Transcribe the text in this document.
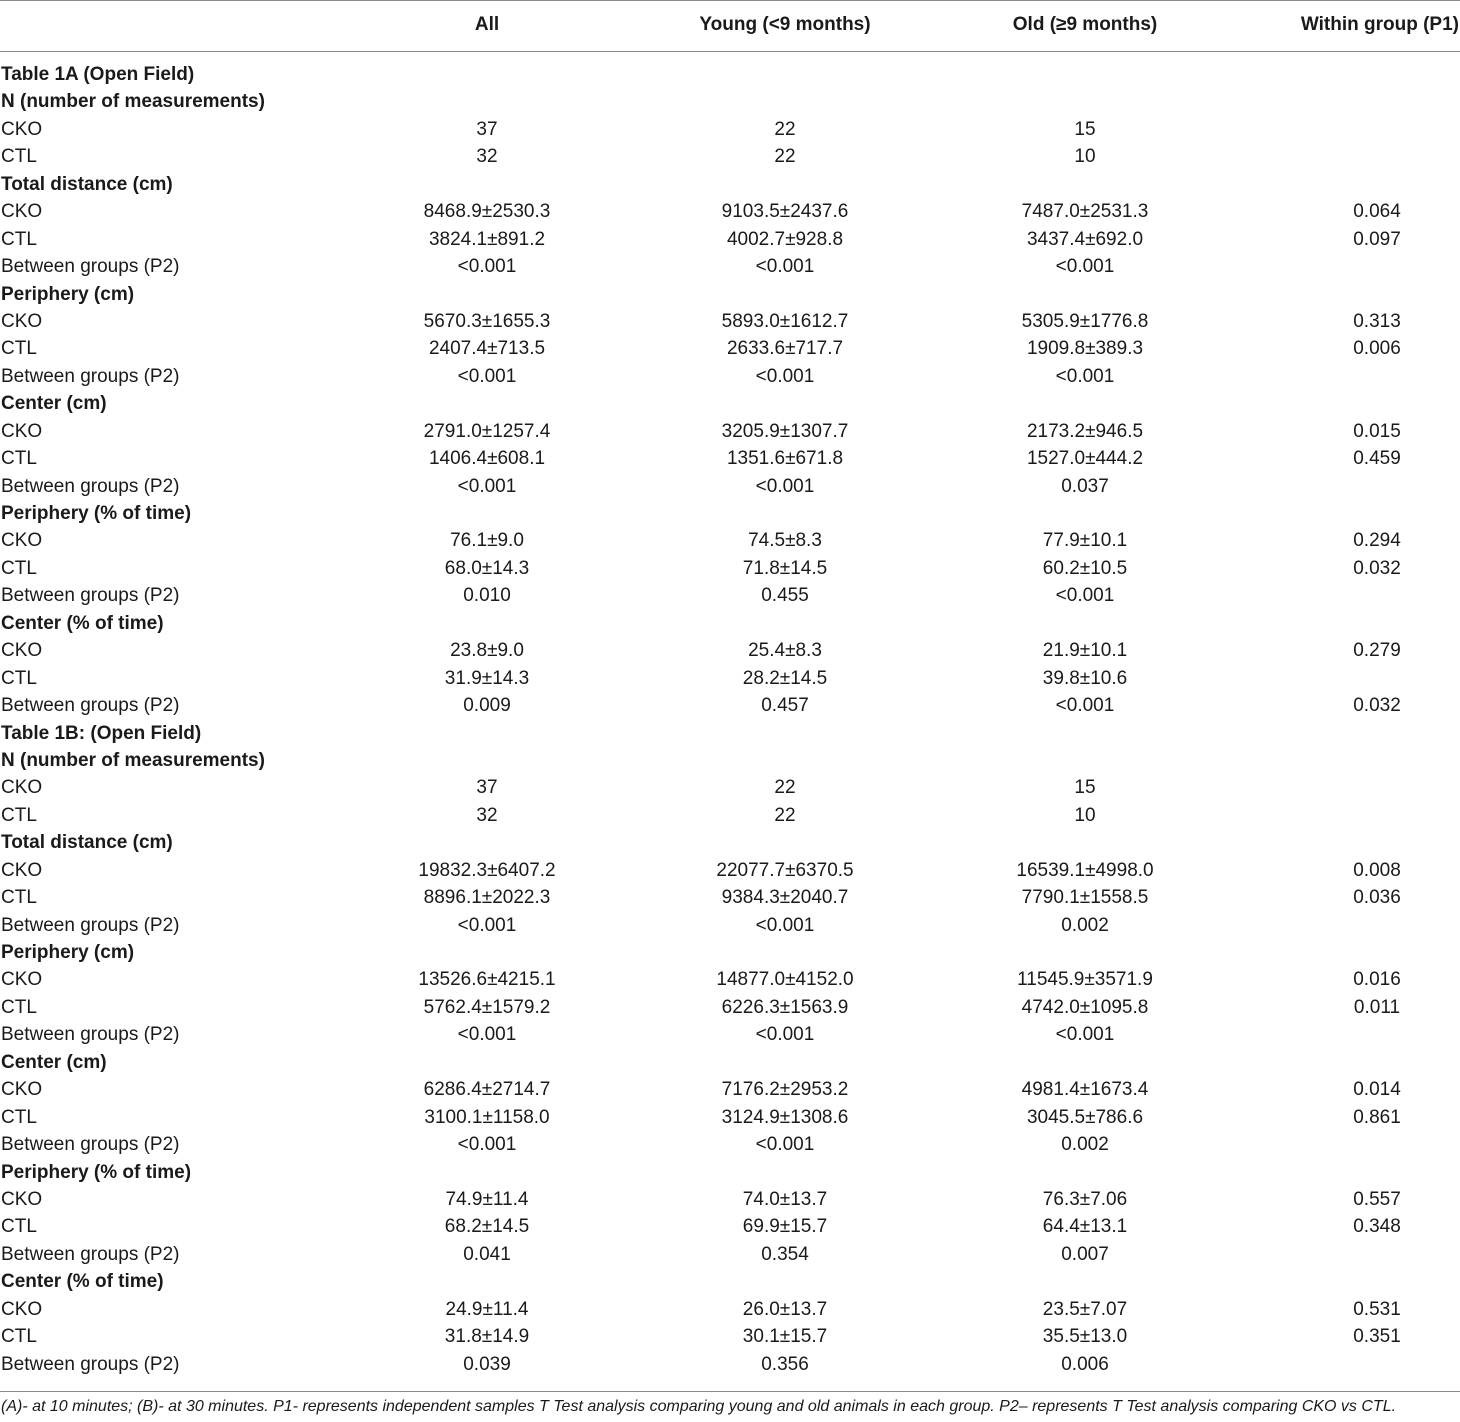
All	Young (<9 months)	Old (≥9 months)	Within group (P1)
Table 1A (Open Field)
N (number of measurements)
CKO	37	22	15
CTL	32	22	10
Total distance (cm)
CKO	8468.9±2530.3	9103.5±2437.6	7487.0±2531.3	0.064
CTL	3824.1±891.2	4002.7±928.8	3437.4±692.0	0.097
Between groups (P2)	<0.001	<0.001	<0.001
Periphery (cm)
CKO	5670.3±1655.3	5893.0±1612.7	5305.9±1776.8	0.313
CTL	2407.4±713.5	2633.6±717.7	1909.8±389.3	0.006
Between groups (P2)	<0.001	<0.001	<0.001
Center (cm)
CKO	2791.0±1257.4	3205.9±1307.7	2173.2±946.5	0.015
CTL	1406.4±608.1	1351.6±671.8	1527.0±444.2	0.459
Between groups (P2)	<0.001	<0.001	0.037
Periphery (% of time)
CKO	76.1±9.0	74.5±8.3	77.9±10.1	0.294
CTL	68.0±14.3	71.8±14.5	60.2±10.5	0.032
Between groups (P2)	0.010	0.455	<0.001
Center (% of time)
CKO	23.8±9.0	25.4±8.3	21.9±10.1	0.279
CTL	31.9±14.3	28.2±14.5	39.8±10.6
Between groups (P2)	0.009	0.457	<0.001	0.032
Table 1B: (Open Field)
N (number of measurements)
CKO	37	22	15
CTL	32	22	10
Total distance (cm)
CKO	19832.3±6407.2	22077.7±6370.5	16539.1±4998.0	0.008
CTL	8896.1±2022.3	9384.3±2040.7	7790.1±1558.5	0.036
Between groups (P2)	<0.001	<0.001	0.002
Periphery (cm)
CKO	13526.6±4215.1	14877.0±4152.0	11545.9±3571.9	0.016
CTL	5762.4±1579.2	6226.3±1563.9	4742.0±1095.8	0.011
Between groups (P2)	<0.001	<0.001	<0.001
Center (cm)
CKO	6286.4±2714.7	7176.2±2953.2	4981.4±1673.4	0.014
CTL	3100.1±1158.0	3124.9±1308.6	3045.5±786.6	0.861
Between groups (P2)	<0.001	<0.001	0.002
Periphery (% of time)
CKO	74.9±11.4	74.0±13.7	76.3±7.06	0.557
CTL	68.2±14.5	69.9±15.7	64.4±13.1	0.348
Between groups (P2)	0.041	0.354	0.007
Center (% of time)
CKO	24.9±11.4	26.0±13.7	23.5±7.07	0.531
CTL	31.8±14.9	30.1±15.7	35.5±13.0	0.351
Between groups (P2)	0.039	0.356	0.006
(A)- at 10 minutes; (B)- at 30 minutes. P1- represents independent samples T Test analysis comparing young and old animals in each group. P2– represents T Test analysis comparing CKO vs CTL.
